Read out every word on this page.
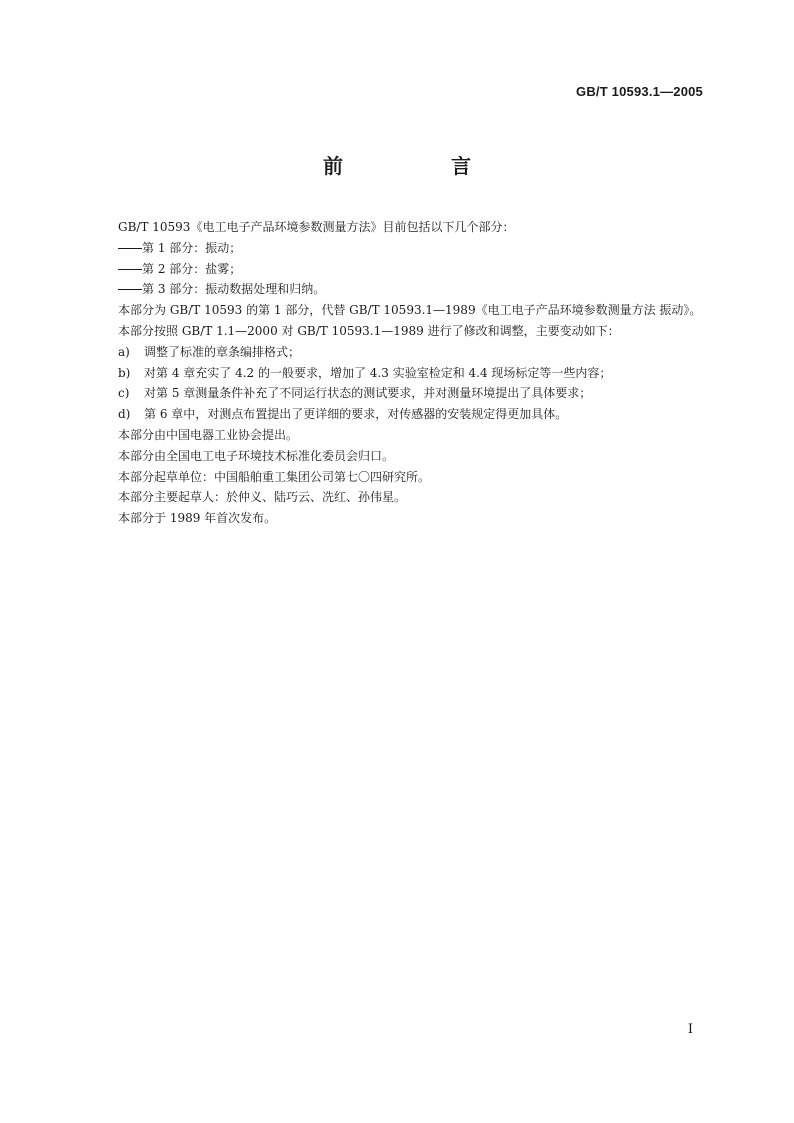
GB/T 10593.1—2005
前　言

GB/T 10593《电工电子产品环境参数测量方法》目前包括以下几个部分：

第 1 部分：振动；

第 2 部分：盐雾；

第 3 部分：振动数据处理和归纳。

本部分为 GB/T 10593 的第 1 部分，代替 GB/T 10593.1—1989《电工电子产品环境参数测量方法 振动》。

本部分按照 GB/T 1.1—2000 对 GB/T 10593.1—1989 进行了修改和调整，主要变动如下：

a) 调整了标准的章条编排格式；

b) 对第 4 章充实了 4.2 的一般要求，增加了 4.3 实验室检定和 4.4 现场标定等一些内容；

c) 对第 5 章测量条件补充了不同运行状态的测试要求，并对测量环境提出了具体要求；

d) 第 6 章中，对测点布置提出了更详细的要求，对传感器的安装规定得更加具体。

本部分由中国电器工业协会提出。

本部分由全国电工电子环境技术标准化委员会归口。

本部分起草单位：中国船舶重工集团公司第七〇四研究所。

本部分主要起草人：於仲义、陆巧云、冼红、孙伟星。

本部分于 1989 年首次发布。

I
